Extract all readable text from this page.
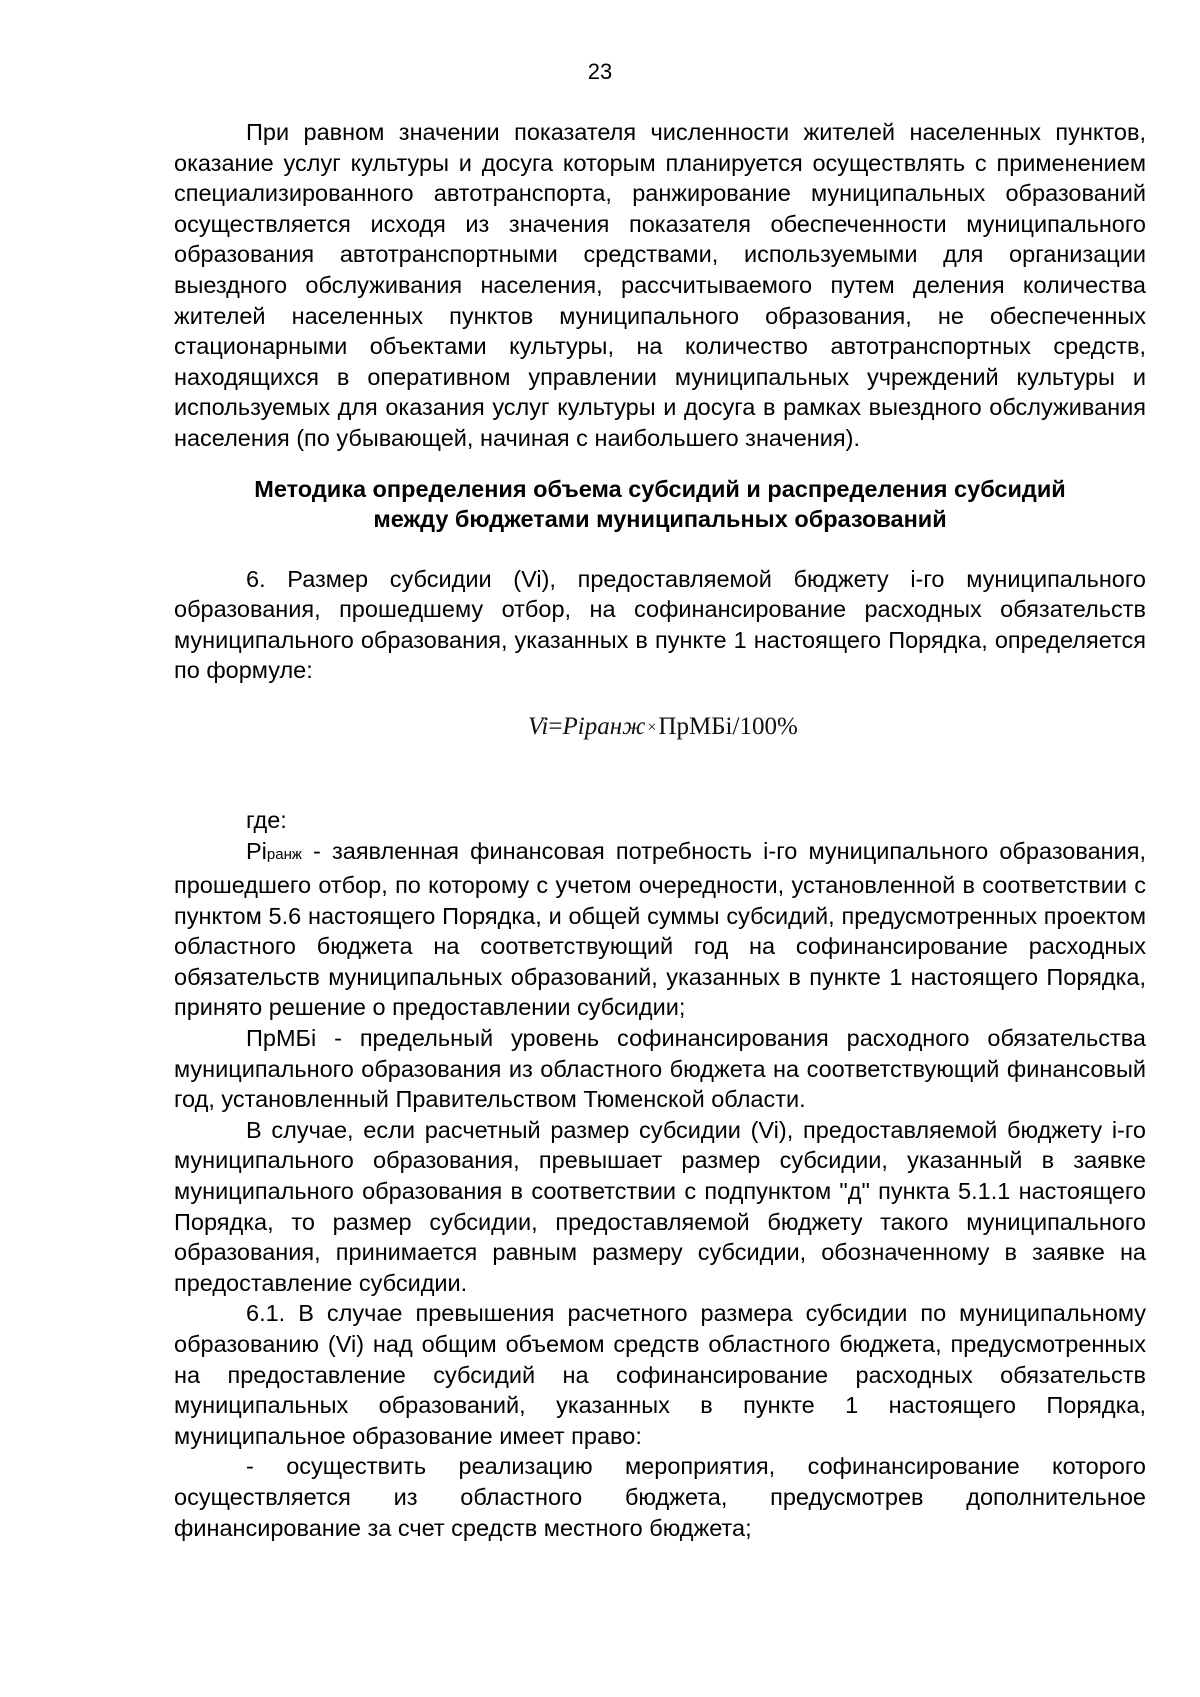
23

При равном значении показателя численности жителей населенных пунктов, оказание услуг культуры и досуга которым планируется осуществлять с применением специализированного автотранспорта, ранжирование муниципальных образований осуществляется исходя из значения показателя обеспеченности муниципального образования автотранспортными средствами, используемыми для организации выездного обслуживания населения, рассчитываемого путем деления количества жителей населенных пунктов муниципального образования, не обеспеченных стационарными объектами культуры, на количество автотранспортных средств, находящихся в оперативном управлении муниципальных учреждений культуры и используемых для оказания услуг культуры и досуга в рамках выездного обслуживания населения (по убывающей, начиная с наибольшего значения).

Методика определения объема субсидий и распределения субсидий
между бюджетами муниципальных образований

6. Размер субсидии (Vi), предоставляемой бюджету i-го муниципального образования, прошедшему отбор, на софинансирование расходных обязательств муниципального образования, указанных в пункте 1 настоящего Порядка, определяется по формуле:

Vi=Piранж ×ПрМБi/100%

где:

Piранж - заявленная финансовая потребность i-го муниципального образования, прошедшего отбор, по которому с учетом очередности, установленной в соответствии с пунктом 5.6 настоящего Порядка, и общей суммы субсидий, предусмотренных проектом областного бюджета на соответствующий год на софинансирование расходных обязательств муниципальных образований, указанных в пункте 1 настоящего Порядка, принято решение о предоставлении субсидии;

ПрМБi - предельный уровень софинансирования расходного обязательства муниципального образования из областного бюджета на соответствующий финансовый год, установленный Правительством Тюменской области.

В случае, если расчетный размер субсидии (Vi), предоставляемой бюджету i-го муниципального образования, превышает размер субсидии, указанный в заявке муниципального образования в соответствии с подпунктом "д" пункта 5.1.1 настоящего Порядка, то размер субсидии, предоставляемой бюджету такого муниципального образования, принимается равным размеру субсидии, обозначенному в заявке на предоставление субсидии.

6.1. В случае превышения расчетного размера субсидии по муниципальному образованию (Vi) над общим объемом средств областного бюджета, предусмотренных на предоставление субсидий на софинансирование расходных обязательств муниципальных образований, указанных в пункте 1 настоящего Порядка, муниципальное образование имеет право:

- осуществить реализацию мероприятия, софинансирование которого осуществляется из областного бюджета, предусмотрев дополнительное финансирование за счет средств местного бюджета;
